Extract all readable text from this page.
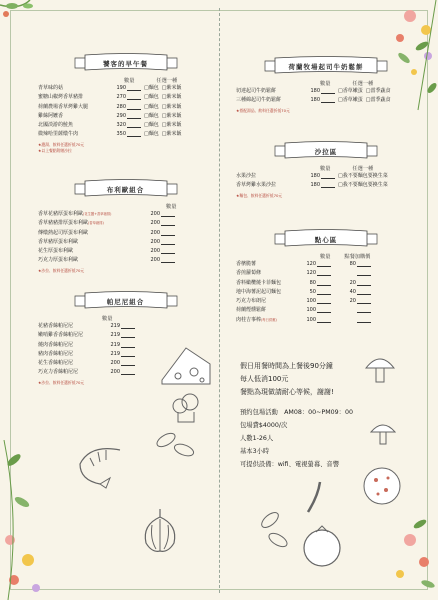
饕客的早午餐
數量	任選一種
青草味的菇	190	□麵包 □紫米飯
蜜糖山椒烤香草豬排	270	□麵包 □紫米飯
荷蘭農場香草烤雞大腿	280	□麵包 □紫米飯
雞絲阿嬤香	290	□麵包 □紫米飯
北國淡游的鮭魚	320	□麵包 □紫米飯
微辣哈里薩燉牛肉	350	□麵包 □紫米飯
★濃湯、飲料任選折抵70元
★以上餐點附贈沙拉
布利歐組合
數量
香草花豬厚蛋布利歐(花生醬+香草豬排)	200
香草豬豬排厚蛋布利歐(香草豬排)	200
傳燉熱起司厚蛋布利歐	200
香草豬厚蛋布利歐	200
花生厚蛋布利歐	200
巧克力厚蛋布利歐	200
★沙拉、飲料任選折抵70元
帕尼尼組合
數量
花豬香絲帕尼尼	219
嫩哨雞香香絲帕尼尼	219
燒肉香絲帕尼尼	219
豬肉香絲帕尼尼	219
花生香絲帕尼尼	200
巧克力香絲帕尼尼	200
★沙拉、飲料任選折抵70元
荷蘭牧場起司牛奶鬆餅
數量	任選一種
切達起司牛奶鬆餅	180	□香草嫩蛋 □當季蔬食
三種綿起司牛奶鬆餅	180	□香草嫩蛋 □當季蔬食
★搭配湯品、飲料任選折抵70元
沙拉區
數量	任選一種
水果沙拉	180	□我不要麵包要換生菜
香草烤雞水果沙拉	180	□我不要麵包要換生菜
★麵包、飲料任選折抵70元
點心區
數量	點餐加購價
香檳脆薯	120	80
香煎蘿蔔條	120
香料橄欖燒卡菲麵包	80	20
地中海薯泥起司麵包	50	40
巧克力布朗尼	100	20
荷蘭煙燻鬆餅	100
肉桂吉事棒(每日供應)	100
假日用餐時間為上餐後90分鐘
每人低消100元
餐點為現做請耐心等候，謝謝!
預約包場活動　AM08：00~PM09：00
包場費$4000/次
人數1-26人
基本3小時
可提供設備：wifi、電視螢幕、音響
